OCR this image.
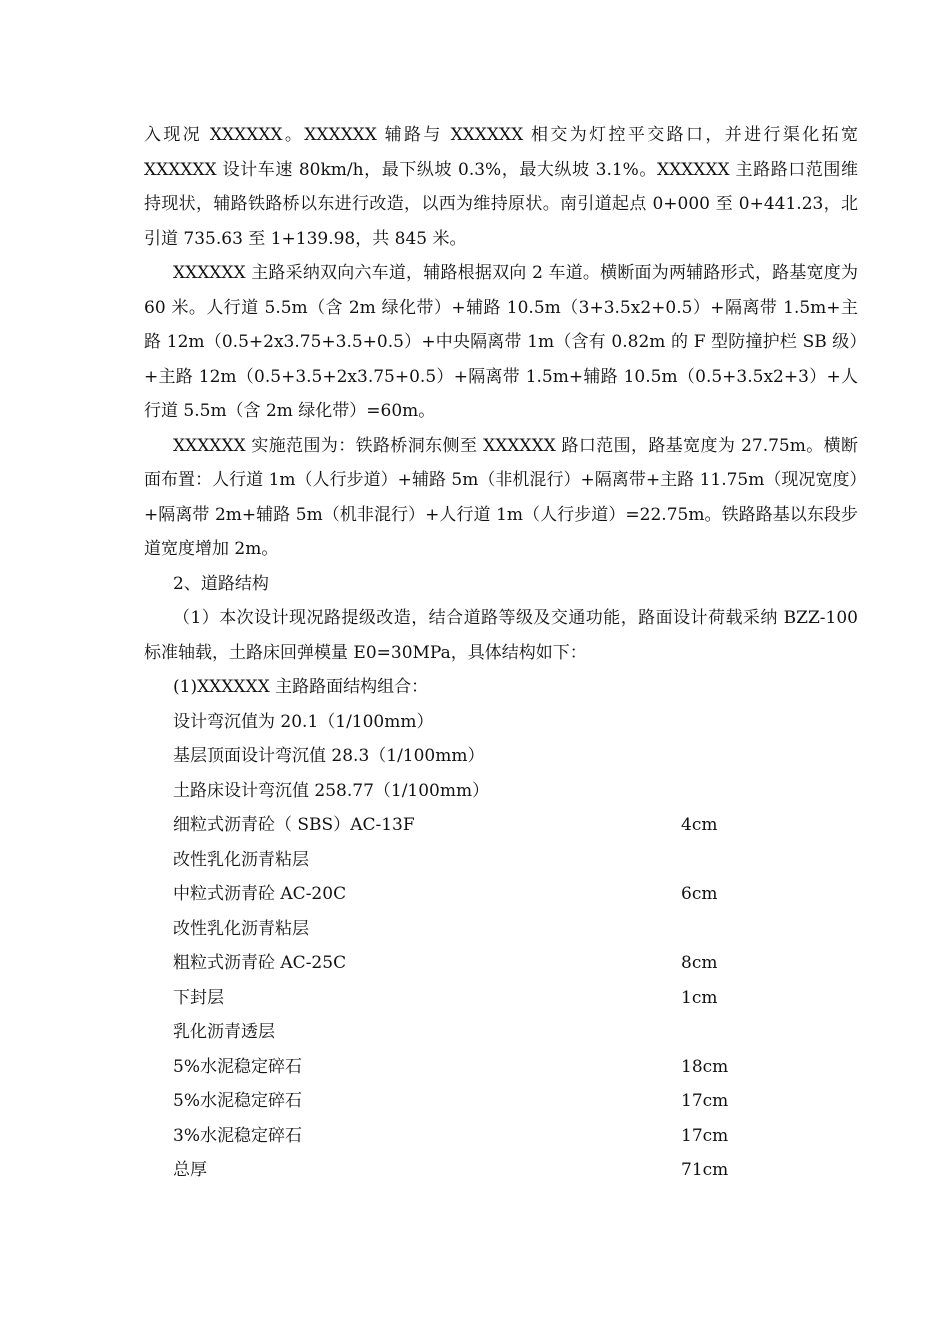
入现况 XXXXXX。XXXXXX 辅路与 XXXXXX 相交为灯控平交路口，并进行渠化拓宽 XXXXXX 设计车速 80km/h，最下纵坡 0.3%，最大纵坡 3.1%。XXXXXX 主路路口范围维持现状，辅路铁路桥以东进行改造，以西为维持原状。南引道起点 0+000 至 0+441.23，北引道 735.63 至 1+139.98，共 845 米。

XXXXXX 主路采纳双向六车道，辅路根据双向 2 车道。横断面为两辅路形式，路基宽度为 60 米。人行道 5.5m（含 2m 绿化带）+辅路 10.5m（3+3.5x2+0.5）+隔离带 1.5m+主路 12m（0.5+2x3.75+3.5+0.5）+中央隔离带 1m（含有 0.82m 的 F 型防撞护栏 SB 级）+主路 12m（0.5+3.5+2x3.75+0.5）+隔离带 1.5m+辅路 10.5m（0.5+3.5x2+3）+人行道 5.5m（含 2m 绿化带）=60m。

XXXXXX 实施范围为：铁路桥洞东侧至 XXXXXX 路口范围，路基宽度为 27.75m。横断面布置：人行道 1m（人行步道）+辅路 5m（非机混行）+隔离带+主路 11.75m（现况宽度）+隔离带 2m+辅路 5m（机非混行）+人行道 1m（人行步道）=22.75m。铁路路基以东段步道宽度增加 2m。

2、道路结构

（1）本次设计现况路提级改造，结合道路等级及交通功能，路面设计荷载采纳 BZZ-100 标准轴载，土路床回弹模量 E0=30MPa，具体结构如下：

(1)XXXXXX 主路路面结构组合：

设计弯沉值为 20.1（1/100mm）

基层顶面设计弯沉值 28.3（1/100mm）

土路床设计弯沉值 258.77（1/100mm）

细粒式沥青砼（ SBS）AC-13F	4cm
改性乳化沥青粘层
中粒式沥青砼 AC-20C	6cm
改性乳化沥青粘层
粗粒式沥青砼 AC-25C	8cm
下封层	1cm
乳化沥青透层
5%水泥稳定碎石	18cm
5%水泥稳定碎石	17cm
3%水泥稳定碎石	17cm
总厚	71cm
